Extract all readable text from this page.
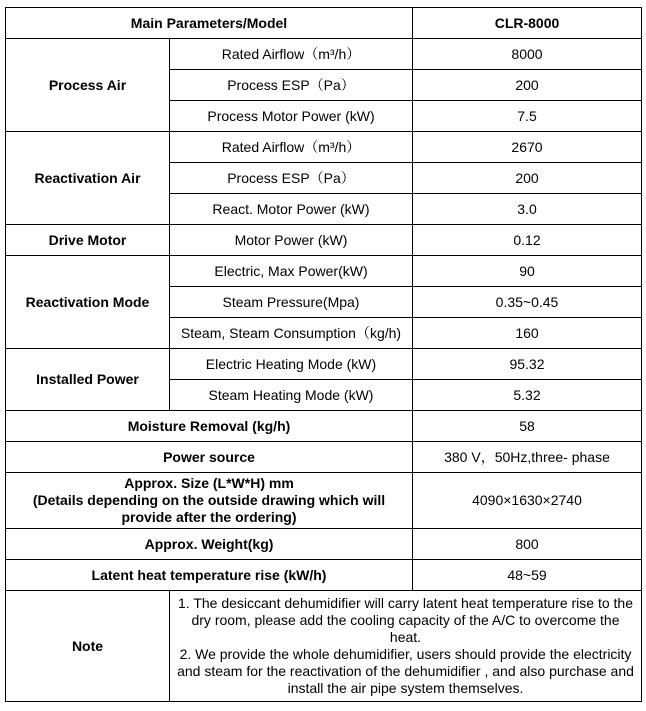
Main Parameters/Model		CLR-8000
Process Air	Rated Airflow（m³/h）	8000
	Process ESP（Pa）	200
	Process Motor Power (kW)	7.5
Reactivation Air	Rated Airflow（m³/h）	2670
	Process ESP（Pa）	200
	React. Motor Power (kW)	3.0
Drive Motor	Motor Power (kW)	0.12
Reactivation Mode	Electric, Max Power(kW)	90
	Steam Pressure(Mpa)	0.35~0.45
	Steam, Steam Consumption（kg/h)	160
Installed Power	Electric Heating Mode (kW)	95.32
	Steam Heating Mode (kW)	5.32
Moisture Removal (kg/h)		58
Power source		380 V，50Hz,three- phase

Approx. Size (L*W*H) mm
(Details depending on the outside drawing which will provide after the ordering)		4090×1630×2740
Approx. Weight(kg)		800
Latent heat temperature rise (kW/h)		48~59
Note	1. The desiccant dehumidifier will carry latent heat temperature rise to the dry room, please add the cooling capacity of the A/C to overcome the heat.
2. We provide the whole dehumidifier, users should provide the electricity and steam for the reactivation of the dehumidifier , and also purchase and install the air pipe system themselves.	
